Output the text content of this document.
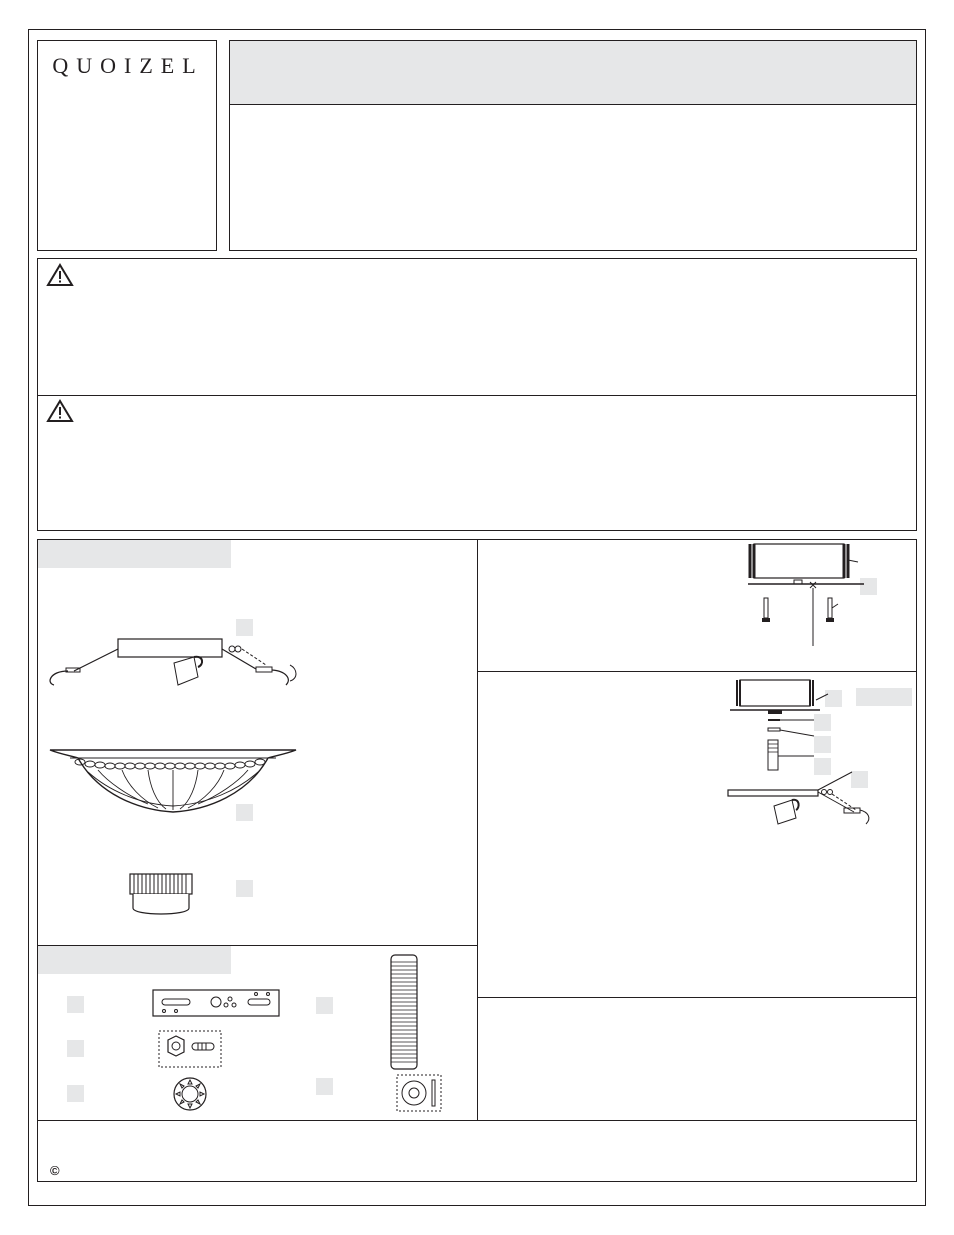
QUOIZEL
©
